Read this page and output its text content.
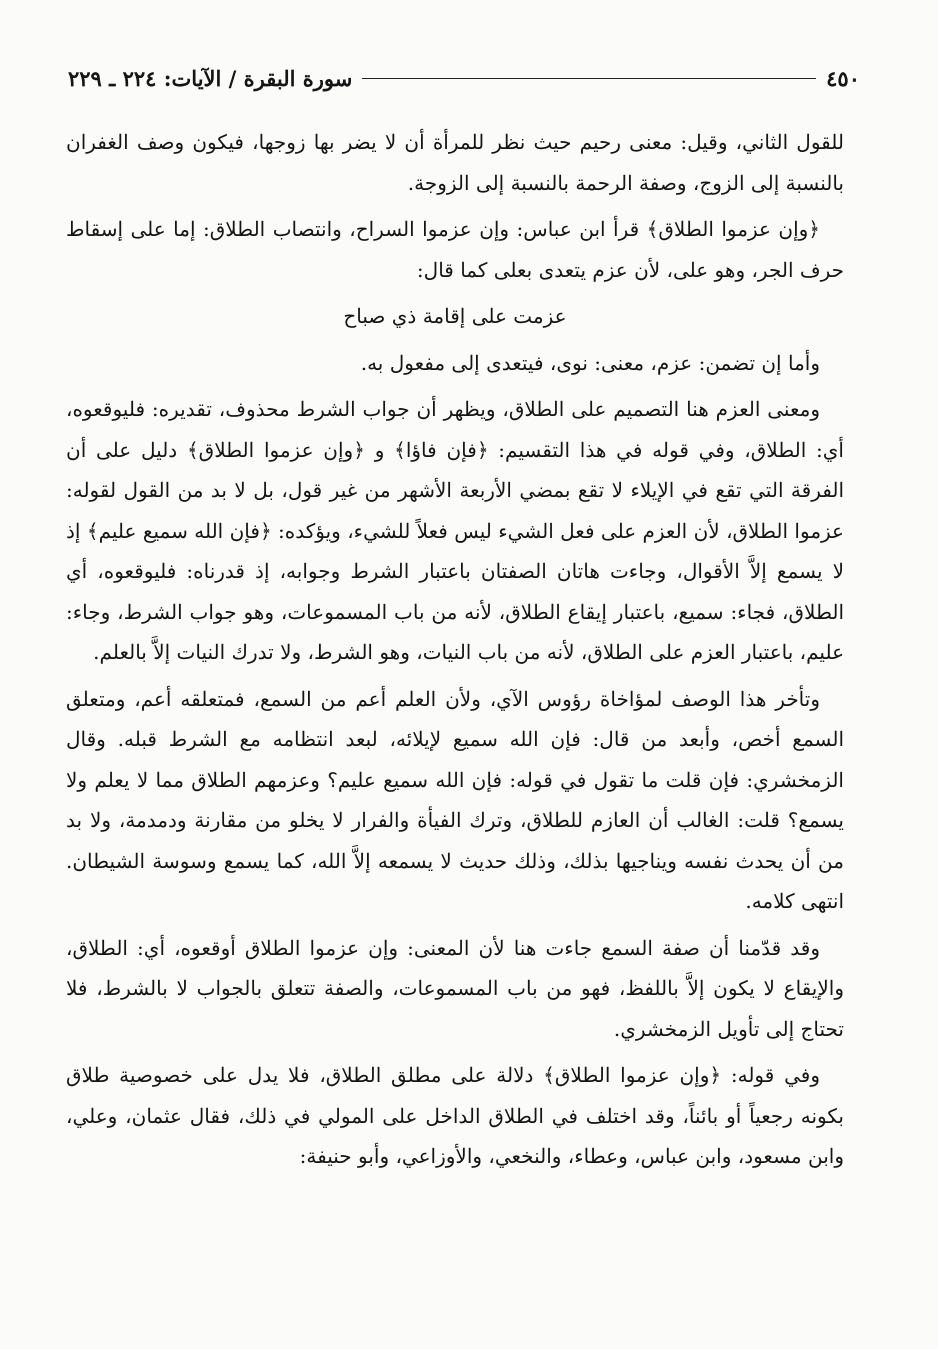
٤٥٠
سورة البقرة / الآيات: ٢٢٤ ـ ٢٢٩

للقول الثاني، وقيل: معنى رحيم حيث نظر للمرأة أن لا يضر بها زوجها، فيكون وصف الغفران بالنسبة إلى الزوج، وصفة الرحمة بالنسبة إلى الزوجة.

﴿وإن عزموا الطلاق﴾ قرأ ابن عباس: وإن عزموا السراح، وانتصاب الطلاق: إما على إسقاط حرف الجر، وهو على، لأن عزم يتعدى بعلى كما قال:

عزمت على إقامة ذي صباح

وأما إن تضمن: عزم، معنى: نوى، فيتعدى إلى مفعول به.

ومعنى العزم هنا التصميم على الطلاق، ويظهر أن جواب الشرط محذوف، تقديره: فليوقعوه، أي: الطلاق، وفي قوله في هذا التقسيم: ﴿فإن فاؤا﴾ و ﴿وإن عزموا الطلاق﴾ دليل على أن الفرقة التي تقع في الإيلاء لا تقع بمضي الأربعة الأشهر من غير قول، بل لا بد من القول لقوله: عزموا الطلاق، لأن العزم على فعل الشيء ليس فعلاً للشيء، ويؤكده: ﴿فإن الله سميع عليم﴾ إذ لا يسمع إلاَّ الأقوال، وجاءت هاتان الصفتان باعتبار الشرط وجوابه، إذ قدرناه: فليوقعوه، أي الطلاق، فجاء: سميع، باعتبار إيقاع الطلاق، لأنه من باب المسموعات، وهو جواب الشرط، وجاء: عليم، باعتبار العزم على الطلاق، لأنه من باب النيات، وهو الشرط، ولا تدرك النيات إلاَّ بالعلم.

وتأخر هذا الوصف لمؤاخاة رؤوس الآي، ولأن العلم أعم من السمع، فمتعلقه أعم، ومتعلق السمع أخص، وأبعد من قال: فإن الله سميع لإيلائه، لبعد انتظامه مع الشرط قبله. وقال الزمخشري: فإن قلت ما تقول في قوله: فإن الله سميع عليم؟ وعزمهم الطلاق مما لا يعلم ولا يسمع؟ قلت: الغالب أن العازم للطلاق، وترك الفيأة والفرار لا يخلو من مقارنة ودمدمة، ولا بد من أن يحدث نفسه ويناجيها بذلك، وذلك حديث لا يسمعه إلاَّ الله، كما يسمع وسوسة الشيطان. انتهى كلامه.

وقد قدّمنا أن صفة السمع جاءت هنا لأن المعنى: وإن عزموا الطلاق أوقعوه، أي: الطلاق، والإيقاع لا يكون إلاَّ باللفظ، فهو من باب المسموعات، والصفة تتعلق بالجواب لا بالشرط، فلا تحتاج إلى تأويل الزمخشري.

وفي قوله: ﴿وإن عزموا الطلاق﴾ دلالة على مطلق الطلاق، فلا يدل على خصوصية طلاق بكونه رجعياً أو بائناً، وقد اختلف في الطلاق الداخل على المولي في ذلك، فقال عثمان، وعلي، وابن مسعود، وابن عباس، وعطاء، والنخعي، والأوزاعي، وأبو حنيفة:
